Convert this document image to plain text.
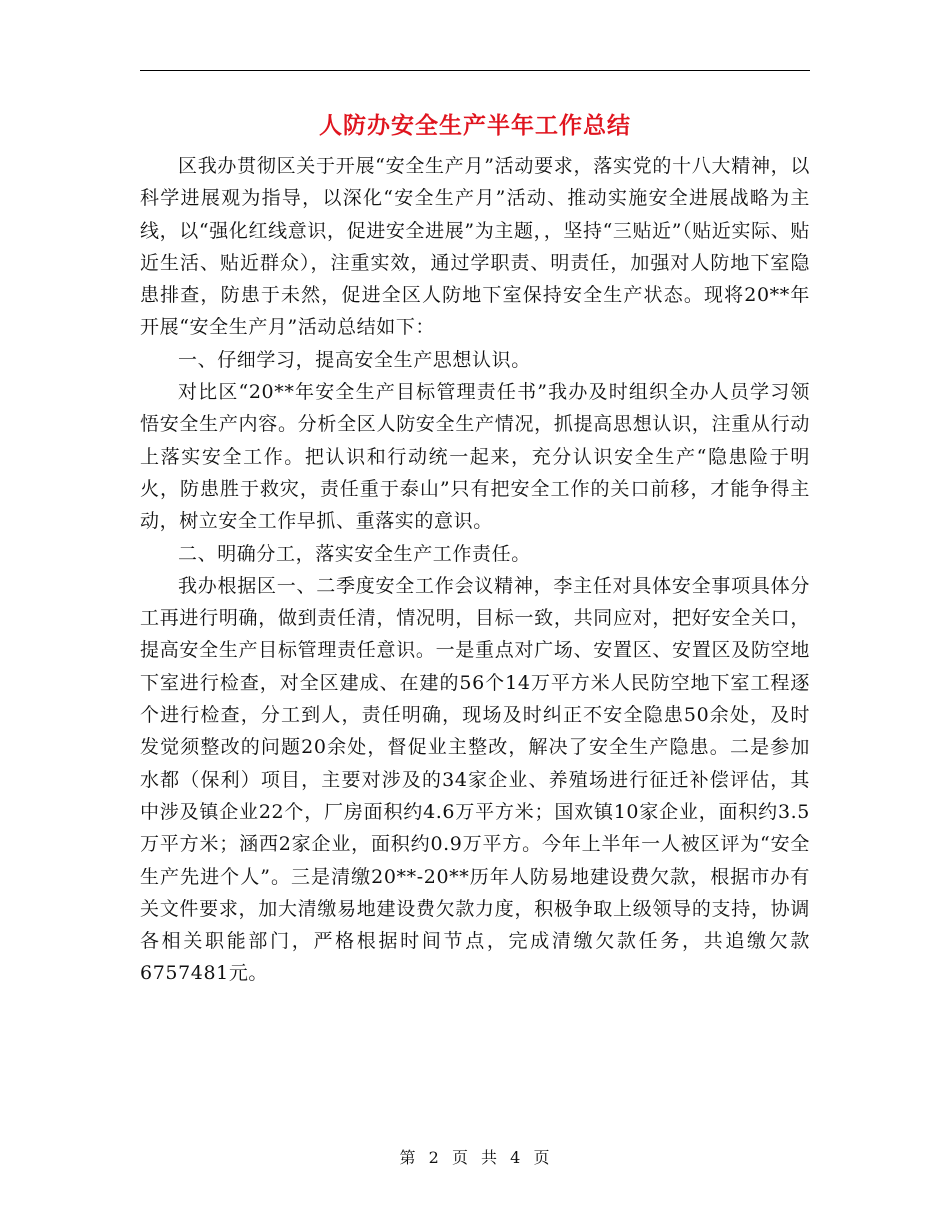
人防办安全生产半年工作总结

区我办贯彻区关于开展“安全生产月”活动要求，落实党的十八大精神，以科学进展观为指导，以深化“安全生产月”活动、推动实施安全进展战略为主线，以“强化红线意识，促进安全进展”为主题，，坚持“三贴近”（贴近实际、贴近生活、贴近群众），注重实效，通过学职责、明责任，加强对人防地下室隐患排查，防患于未然，促进全区人防地下室保持安全生产状态。现将20**年开展“安全生产月”活动总结如下：

一、仔细学习，提高安全生产思想认识。

对比区“20**年安全生产目标管理责任书”我办及时组织全办人员学习领悟安全生产内容。分析全区人防安全生产情况，抓提高思想认识，注重从行动上落实安全工作。把认识和行动统一起来，充分认识安全生产“隐患险于明火，防患胜于救灾，责任重于泰山”只有把安全工作的关口前移，才能争得主动，树立安全工作早抓、重落实的意识。

二、明确分工，落实安全生产工作责任。

我办根据区一、二季度安全工作会议精神，李主任对具体安全事项具体分工再进行明确，做到责任清，情况明，目标一致，共同应对，把好安全关口，提高安全生产目标管理责任意识。一是重点对广场、安置区、安置区及防空地下室进行检查，对全区建成、在建的56个14万平方米人民防空地下室工程逐个进行检查，分工到人，责任明确，现场及时纠正不安全隐患50余处，及时发觉须整改的问题20余处，督促业主整改，解决了安全生产隐患。二是参加水都（保利）项目，主要对涉及的34家企业、养殖场进行征迁补偿评估，其中涉及镇企业22个，厂房面积约4.6万平方米；国欢镇10家企业，面积约3.5万平方米；涵西2家企业，面积约0.9万平方。今年上半年一人被区评为“安全生产先进个人”。三是清缴20**-20**历年人防易地建设费欠款，根据市办有关文件要求，加大清缴易地建设费欠款力度，积极争取上级领导的支持，协调各相关职能部门，严格根据时间节点，完成清缴欠款任务，共追缴欠款6757481元。

第 2 页 共 4 页
